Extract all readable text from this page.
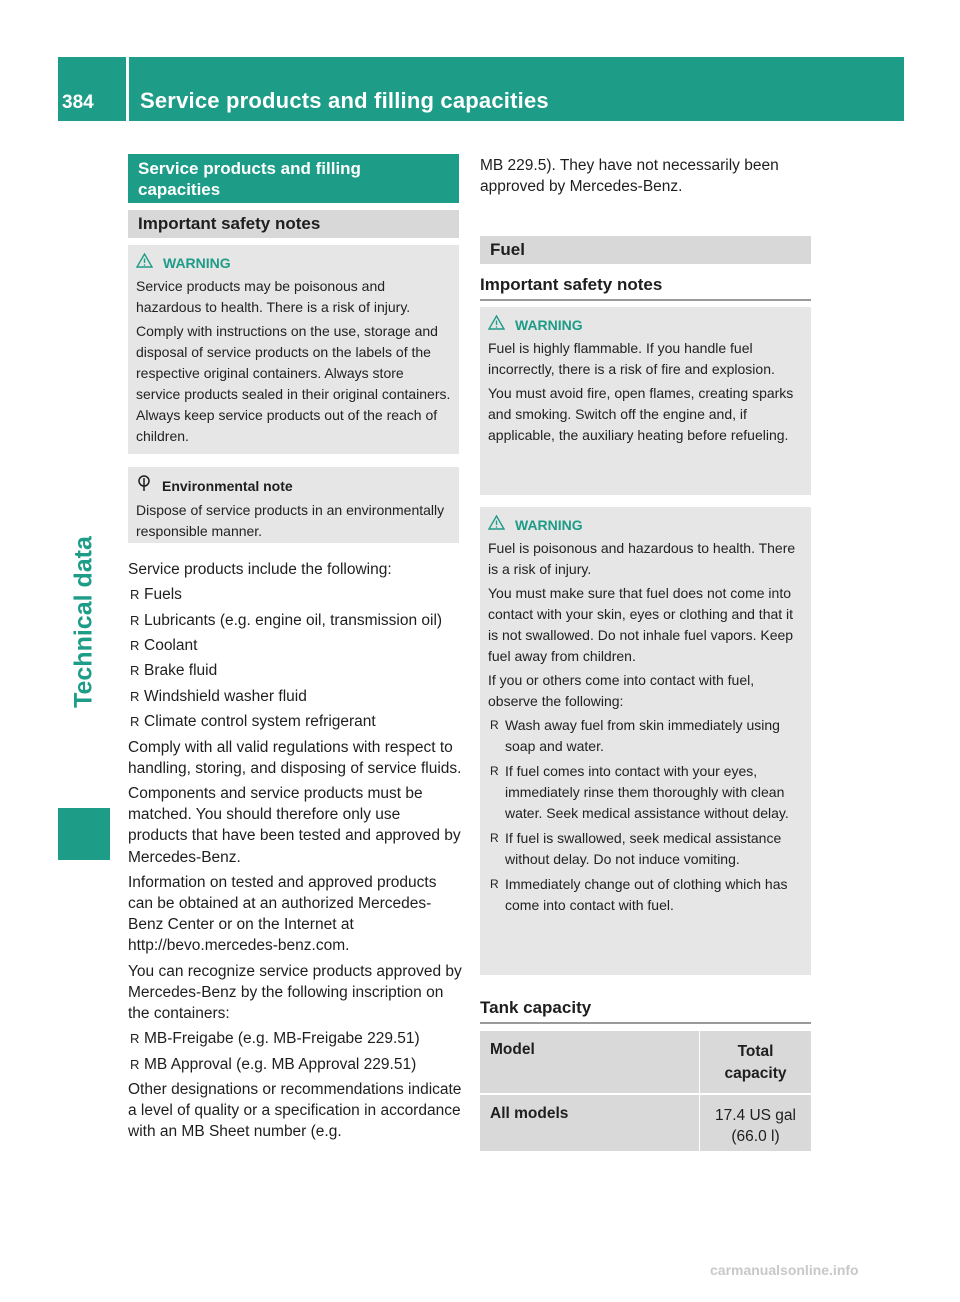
384	Service products and filling capacities
Technical data
Service products and filling
capacities
Important safety notes
WARNING

Service products may be poisonous and hazardous to health. There is a risk of injury.

Comply with instructions on the use, storage and disposal of service products on the labels of the respective original containers. Always store service products sealed in their original containers. Always keep service products out of the reach of children.

Environmental note

Dispose of service products in an environmentally responsible manner.

Service products include the following:

R Fuels
R Lubricants (e.g. engine oil, transmission oil)
R Coolant
R Brake fluid
R Windshield washer fluid
R Climate control system refrigerant

Comply with all valid regulations with respect to handling, storing, and disposing of service fluids.

Components and service products must be matched. You should therefore only use products that have been tested and approved by Mercedes-Benz.

Information on tested and approved products can be obtained at an authorized Mercedes-Benz Center or on the Internet at http://bevo.mercedes-benz.com.

You can recognize service products approved by Mercedes-Benz by the following inscription on the containers:

R MB-Freigabe (e.g. MB-Freigabe 229.51)
R MB Approval (e.g. MB Approval 229.51)

Other designations or recommendations indicate a level of quality or a specification in accordance with an MB Sheet number (e.g.

MB 229.5). They have not necessarily been approved by Mercedes-Benz.

Fuel
Important safety notes
WARNING

Fuel is highly flammable. If you handle fuel incorrectly, there is a risk of fire and explosion.

You must avoid fire, open flames, creating sparks and smoking. Switch off the engine and, if applicable, the auxiliary heating before refueling.

WARNING

Fuel is poisonous and hazardous to health. There is a risk of injury.

You must make sure that fuel does not come into contact with your skin, eyes or clothing and that it is not swallowed. Do not inhale fuel vapors. Keep fuel away from children.

If you or others come into contact with fuel, observe the following:

R Wash away fuel from skin immediately using soap and water.
R If fuel comes into contact with your eyes, immediately rinse them thoroughly with clean water. Seek medical assistance without delay.
R If fuel is swallowed, seek medical assistance without delay. Do not induce vomiting.
R Immediately change out of clothing which has come into contact with fuel.
Tank capacity
Model	Total
capacity

All models	17.4 US gal
(66.0 l)
carmanualsonline.info
